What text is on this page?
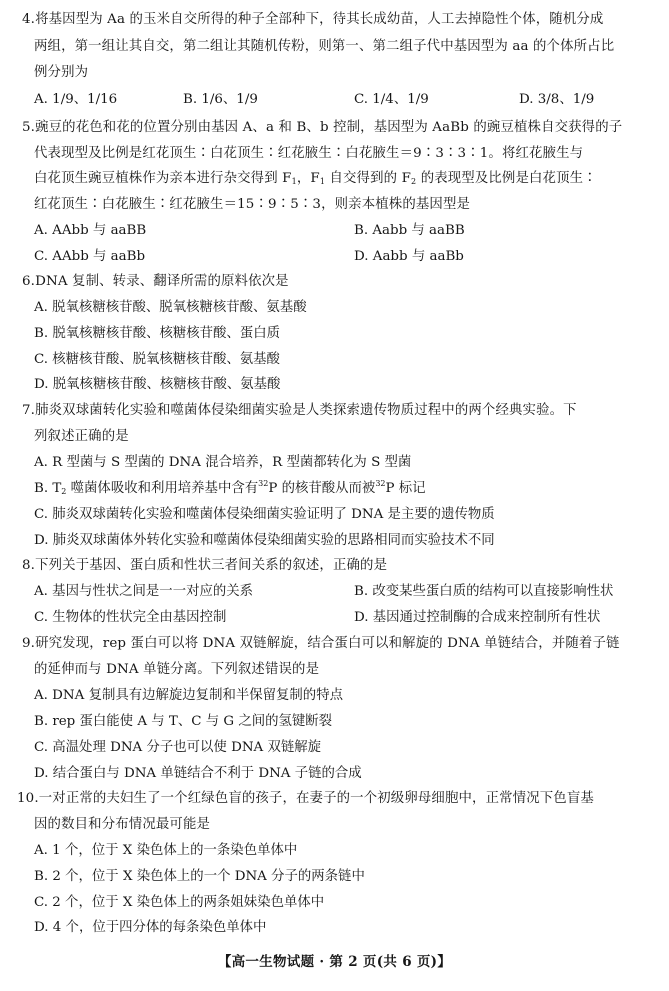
4.将基因型为 Aa 的玉米自交所得的种子全部种下，待其长成幼苗，人工去掉隐性个体，随机分成
两组，第一组让其自交，第二组让其随机传粉，则第一、第二组子代中基因型为 aa 的个体所占比
例分别为
A. 1/9、1/16	B. 1/6、1/9	C. 1/4、1/9	D. 3/8、1/9
5.豌豆的花色和花的位置分别由基因 A、a 和 B、b 控制，基因型为 AaBb 的豌豆植株自交获得的子
代表现型及比例是红花顶生∶白花顶生∶红花腋生∶白花腋生＝9∶3∶3∶1。将红花腋生与
白花顶生豌豆植株作为亲本进行杂交得到 $F_1$，$F_1$ 自交得到的 $F_2$ 的表现型及比例是白花顶生∶
红花顶生∶白花腋生∶红花腋生＝15∶9∶5∶3，则亲本植株的基因型是
A. AAbb 与 aaBB	B. Aabb 与 aaBB
C. AAbb 与 aaBb	D. Aabb 与 aaBb
6.DNA 复制、转录、翻译所需的原料依次是
A. 脱氧核糖核苷酸、脱氧核糖核苷酸、氨基酸
B. 脱氧核糖核苷酸、核糖核苷酸、蛋白质
C. 核糖核苷酸、脱氧核糖核苷酸、氨基酸
D. 脱氧核糖核苷酸、核糖核苷酸、氨基酸
7.肺炎双球菌转化实验和噬菌体侵染细菌实验是人类探索遗传物质过程中的两个经典实验。下
列叙述正确的是
A. R 型菌与 S 型菌的 DNA 混合培养，R 型菌都转化为 S 型菌
B. $T_2$ 噬菌体吸收和利用培养基中含有$^{32}$P 的核苷酸从而被$^{32}$P 标记
C. 肺炎双球菌转化实验和噬菌体侵染细菌实验证明了 DNA 是主要的遗传物质
D. 肺炎双球菌体外转化实验和噬菌体侵染细菌实验的思路相同而实验技术不同
8.下列关于基因、蛋白质和性状三者间关系的叙述，正确的是
A. 基因与性状之间是一一对应的关系	B. 改变某些蛋白质的结构可以直接影响性状
C. 生物体的性状完全由基因控制	D. 基因通过控制酶的合成来控制所有性状
9.研究发现，rep 蛋白可以将 DNA 双链解旋，结合蛋白可以和解旋的 DNA 单链结合，并随着子链
的延伸而与 DNA 单链分离。下列叙述错误的是
A. DNA 复制具有边解旋边复制和半保留复制的特点
B. rep 蛋白能使 A 与 T、C 与 G 之间的氢键断裂
C. 高温处理 DNA 分子也可以使 DNA 双链解旋
D. 结合蛋白与 DNA 单链结合不利于 DNA 子链的合成
10.一对正常的夫妇生了一个红绿色盲的孩子，在妻子的一个初级卵母细胞中，正常情况下色盲基
因的数目和分布情况最可能是
A. 1 个，位于 X 染色体上的一条染色单体中
B. 2 个，位于 X 染色体上的一个 DNA 分子的两条链中
C. 2 个，位于 X 染色体上的两条姐妹染色单体中
D. 4 个，位于四分体的每条染色单体中
【高一生物试题 · 第 2 页(共 6 页)】
